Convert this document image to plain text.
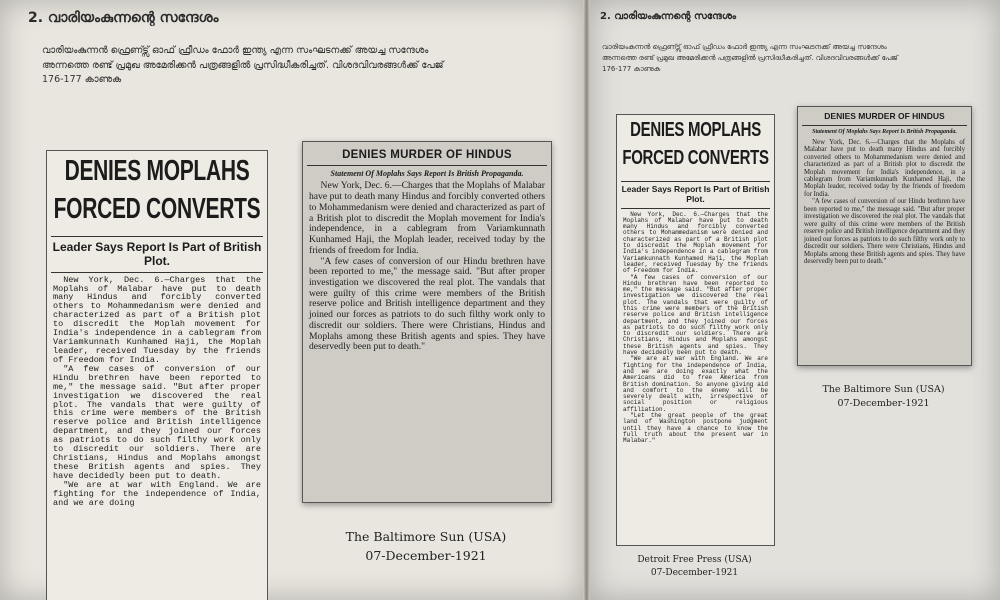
2. വാരിയംകുന്നന്റെ സന്ദേശം
വാരിയംകുന്നൻ ഫ്രെണ്ട്സ് ഓഫ് ഫ്രീഡം ഫോർ ഇന്ത്യ എന്ന സംഘടനക്ക് അയച്ച സന്ദേശം
അന്നത്തെ രണ്ട് പ്രമുഖ അമേരിക്കൻ പത്രങ്ങളിൽ പ്രസിദ്ധീകരിച്ചത്. വിശദവിവരങ്ങൾക്ക് പേജ്
176-177 കാണുക
DENIES MOPLAHS
FORCED CONVERTS
Leader Says Report Is Part of British Plot.

New York, Dec. 6.—Charges that the Moplahs of Malabar have put to death many Hindus and forcibly converted others to Mohammedanism were denied and characterized as part of a British plot to discredit the Moplah movement for India's independence in a cablegram from Variamkunnath Kunhamed Haji, the Moplah leader, received Tuesday by the friends of Freedom for India.

"A few cases of conversion of our Hindu brethren have been reported to me," the message said. "But after proper investigation we discovered the real plot. The vandals that were guilty of this crime were members of the British reserve police and British intelligence department, and they joined our forces as patriots to do such filthy work only to discredit our soldiers. There are Christians, Hindus and Moplahs amongst these British agents and spies. They have decidedly been put to death.

"We are at war with England. We are fighting for the independence of India, and we are doing

DENIES MURDER OF HINDUS
Statement Of Moplahs Says Report Is British Propaganda.

New York, Dec. 6.—Charges that the Moplahs of Malabar have put to death many Hindus and forcibly converted others to Mohammedanism were denied and characterized as part of a British plot to discredit the Moplah movement for India's independence, in a cablegram from Variamkunnath Kunhamed Haji, the Moplah leader, received today by the friends of freedom for India.

"A few cases of conversion of our Hindu brethren have been reported to me," the message said. "But after proper investigation we discovered the real plot. The vandals that were guilty of this crime were members of the British reserve police and British intelligence department and they joined our forces as patriots to do such filthy work only to discredit our soldiers. There were Christians, Hindus and Moplahs among these British agents and spies. They have deservedly been put to death."

The Baltimore Sun (USA)
07-December-1921
2. വാരിയംകുന്നന്റെ സന്ദേശം
വാരിയംകുന്നൻ ഫ്രെണ്ട്സ് ഓഫ് ഫ്രീഡം ഫോർ ഇന്ത്യ എന്ന സംഘടനക്ക് അയച്ച സന്ദേശം
അന്നത്തെ രണ്ട് പ്രമുഖ അമേരിക്കൻ പത്രങ്ങളിൽ പ്രസിദ്ധീകരിച്ചത്. വിശദവിവരങ്ങൾക്ക് പേജ്
176-177 കാണുക
DENIES MOPLAHS
FORCED CONVERTS
Leader Says Report Is Part of British Plot.

New York, Dec. 6.—Charges that the Moplahs of Malabar have put to death many Hindus and forcibly converted others to Mohammedanism were denied and characterized as part of a British plot to discredit the Moplah movement for India's independence in a cablegram from Variamkunnath Kunhamed Haji, the Moplah leader, received Tuesday by the friends of Freedom for India.

"A few cases of conversion of our Hindu brethren have been reported to me," the message said. "But after proper investigation we discovered the real plot. The vandals that were guilty of this crime were members of the British reserve police and British intelligence department, and they joined our forces as patriots to do such filthy work only to discredit our soldiers. There are Christians, Hindus and Moplahs amongst these British agents and spies. They have decidedly been put to death.

"We are at war with England. We are fighting for the independence of India, and we are doing exactly what the Americans did to free America from British domination. So anyone giving aid and comfort to the enemy will be severely dealt with, irrespective of social position or religious affiliation.

"Let the great people of the great land of Washington postpone judgment until they have a chance to know the full truth about the present war in Malabar."

Detroit Free Press (USA)
07-December-1921
DENIES MURDER OF HINDUS
Statement Of Moplahs Says Report Is British Propaganda.

New York, Dec. 6.—Charges that the Moplahs of Malabar have put to death many Hindus and forcibly converted others to Mohammedanism were denied and characterized as part of a British plot to discredit the Moplah movement for India's independence, in a cablegram from Variamkunnath Kunhamed Haji, the Moplah leader, received today by the friends of freedom for India.

"A few cases of conversion of our Hindu brethren have been reported to me," the message said. "But after proper investigation we discovered the real plot. The vandals that were guilty of this crime were members of the British reserve police and British intelligence department and they joined our forces as patriots to do such filthy work only to discredit our soldiers. There were Christians, Hindus and Moplahs among these British agents and spies. They have deservedly been put to death."

The Baltimore Sun (USA)
07-December-1921
